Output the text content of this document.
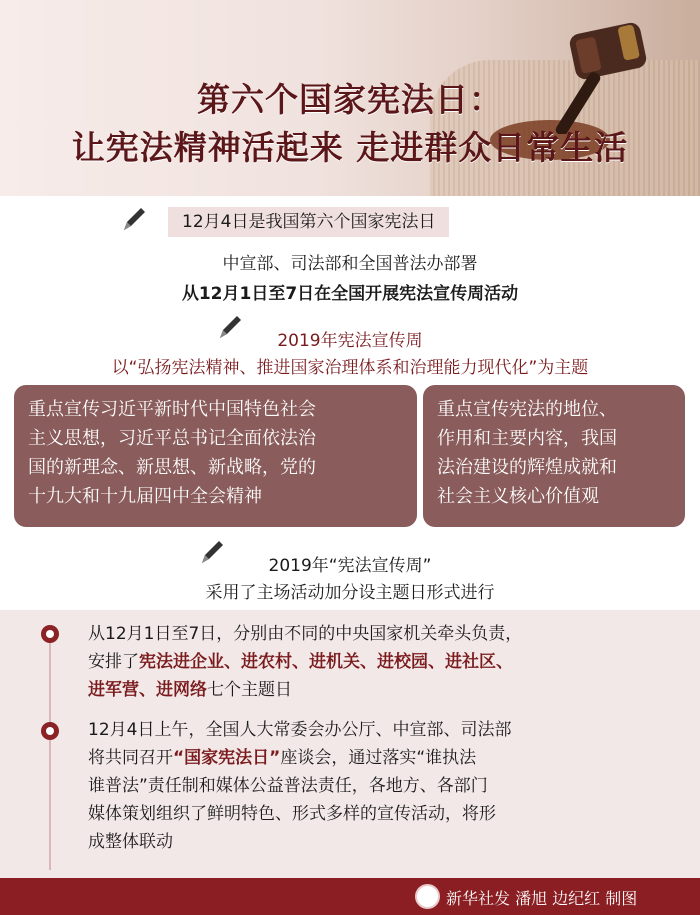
第六个国家宪法日：
让宪法精神活起来 走进群众日常生活
12月4日是我国第六个国家宪法日
中宣部、司法部和全国普法办部署
从12月1日至7日在全国开展宪法宣传周活动
2019年宪法宣传周
以“弘扬宪法精神、推进国家治理体系和治理能力现代化”为主题
重点宣传习近平新时代中国特色社会
主义思想，习近平总书记全面依法治
国的新理念、新思想、新战略，党的
十九大和十九届四中全会精神
重点宣传宪法的地位、
作用和主要内容，我国
法治建设的辉煌成就和
社会主义核心价值观
2019年“宪法宣传周”
采用了主场活动加分设主题日形式进行
从12月1日至7日，分别由不同的中央国家机关牵头负责，
安排了宪法进企业、进农村、进机关、进校园、进社区、
进军营、进网络七个主题日
12月4日上午，全国人大常委会办公厅、中宣部、司法部
将共同召开“国家宪法日”座谈会，通过落实“谁执法
谁普法”责任制和媒体公益普法责任，各地方、各部门
媒体策划组织了鲜明特色、形式多样的宣传活动，将形
成整体联动
新华社发 潘旭 边纪红 制图
